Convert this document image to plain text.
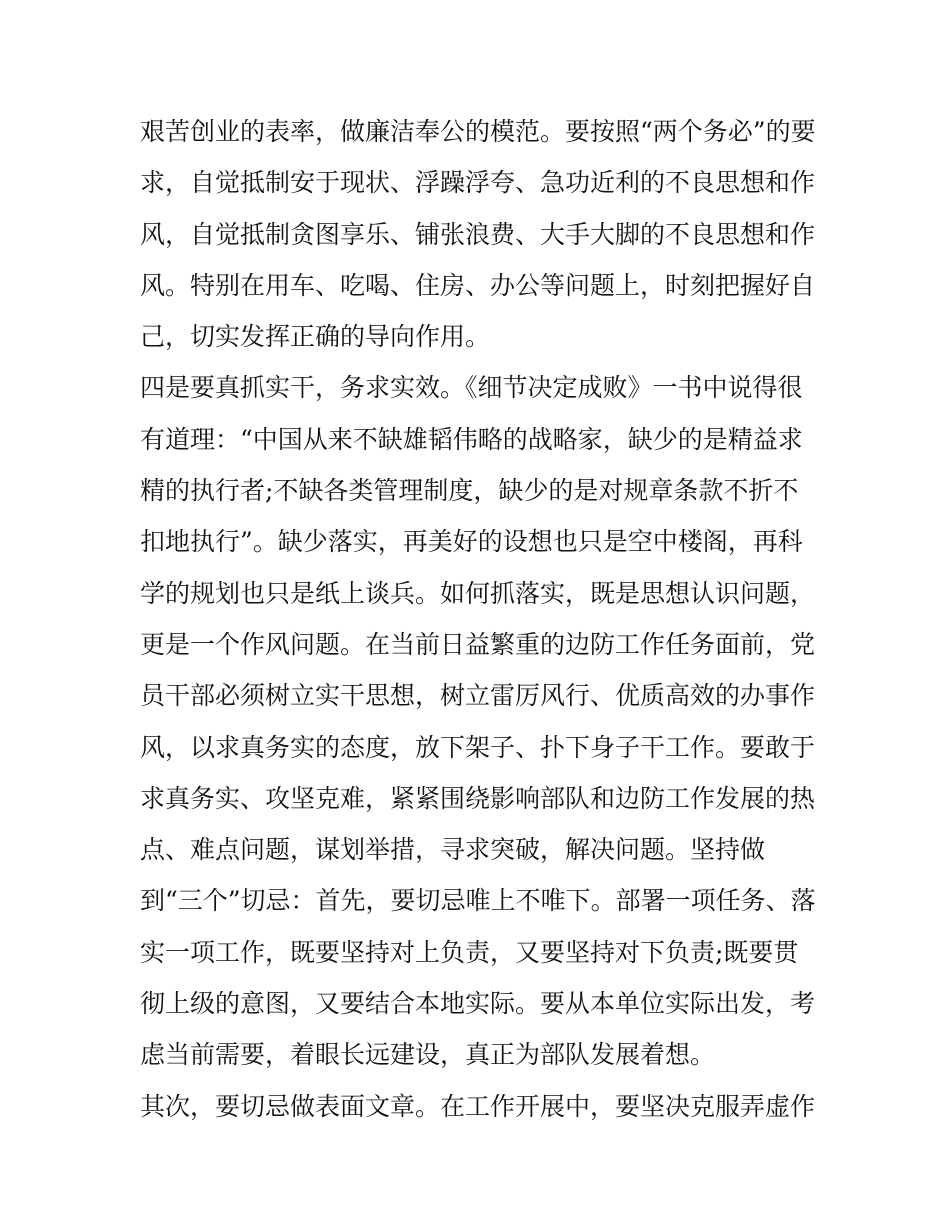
艰苦创业的表率，做廉洁奉公的模范。要按照“两个务必”的要
求，自觉抵制安于现状、浮躁浮夸、急功近利的不良思想和作
风，自觉抵制贪图享乐、铺张浪费、大手大脚的不良思想和作
风。特别在用车、吃喝、住房、办公等问题上，时刻把握好自
己，切实发挥正确的导向作用。
四是要真抓实干，务求实效。《细节决定成败》一书中说得很
有道理：“中国从来不缺雄韬伟略的战略家，缺少的是精益求
精的执行者;不缺各类管理制度，缺少的是对规章条款不折不
扣地执行”。缺少落实，再美好的设想也只是空中楼阁，再科
学的规划也只是纸上谈兵。如何抓落实，既是思想认识问题，
更是一个作风问题。在当前日益繁重的边防工作任务面前，党
员干部必须树立实干思想，树立雷厉风行、优质高效的办事作
风，以求真务实的态度，放下架子、扑下身子干工作。要敢于
求真务实、攻坚克难，紧紧围绕影响部队和边防工作发展的热
点、难点问题，谋划举措，寻求突破，解决问题。坚持做
到“三个”切忌：首先，要切忌唯上不唯下。部署一项任务、落
实一项工作，既要坚持对上负责，又要坚持对下负责;既要贯
彻上级的意图，又要结合本地实际。要从本单位实际出发，考
虑当前需要，着眼长远建设，真正为部队发展着想。
其次，要切忌做表面文章。在工作开展中，要坚决克服弄虚作
